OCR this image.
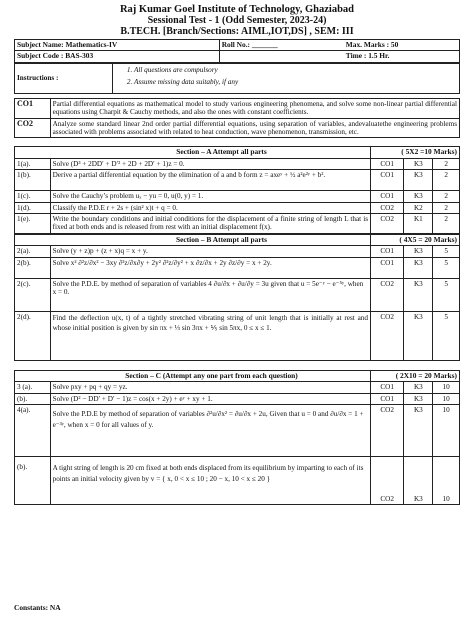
Raj Kumar Goel Institute of Technology, Ghaziabad
Sessional Test - 1 (Odd Semester, 2023-24)
B.TECH. [Branch/Sections: AIML,IOT,DS] , SEM: III
Subject Name: Mathematics-IV	Roll No.: _______	Max. Marks : 50
Subject Code : BAS-303		Time : 1.5 Hr.
Instructions :	
1. All questions are compulsory
2. Assume missing data suitably, if any
CO1	Partial differential equations as mathematical model to study various engineering phenomena, and solve some non-linear partial differential equations using Charpit & Cauchy methods, and also the ones with constant coefficients.
CO2	Analyze some standard linear 2nd order partial differential equations, using separation of variables, andevaluatethe engineering problems associated with problems associated with related to heat conduction, wave phenomenon, transmission, etc.
Section – A Attempt all parts		( 5X2 =10 Marks)		
1(a).	Solve (D³ + 2DD′ + D′² + 2D + 2D′ + 1)z = 0.	CO1	K3	2
1(b).	Derive a partial differential equation by the elimination of a and b form z = axeʸ + ½ a²e²ʸ + b².	CO1	K3	2
1(c).	Solve the Cauchy’s problem uₓ − yu = 0, u(0, y) = 1.	CO1	K3	2
1(d).	Classify the P.D.E r + 2s + (sin² x)t + q = 0.	CO2	K2	2
1(e).	Write the boundary conditions and initial conditions for the displacement of a finite string of length L that is fixed at both ends and is released from rest with an initial displacement f(x).	CO2	K1	2
Section – B Attempt all parts		( 4X5 = 20 Marks)		
2(a).	Solve (y + z)p + (z + x)q = x + y.	CO1	K3	5
2(b).	Solve x² ∂²z/∂x² − 3xy ∂²z/∂x∂y + 2y² ∂²z/∂y² + x ∂z/∂x + 2y ∂z/∂y = x + 2y.	CO1	K3	5
2(c).	Solve the P.D.E. by method of separation of variables 4 ∂u/∂x + ∂u/∂y = 3u given that u = 5e⁻ʸ − e⁻⁵ʸ, when x = 0.	CO2	K3	5
2(d).	Find the deflection u(x, t) of a tightly stretched vibrating string of unit length that is initially at rest and whose initial position is given by sin πx + ⅓ sin 3πx + ⅕ sin 5πx, 0 ≤ x ≤ 1.	CO2	K3	5
Section – C (Attempt any one part from each question)		( 2X10 = 20 Marks)		
3 (a).	Solve pxy + pq + qy = yz.	CO1	K3	10
(b).	Solve (D² − DD′ + D′ − 1)z = cos(x + 2y) + eʸ + xy + 1.	CO1	K3	10
4(a).	Solve the P.D.E by method of separation of variables ∂²u/∂x² = ∂u/∂x + 2u, Given that u = 0 and ∂u/∂x = 1 + e⁻³ʸ, when x = 0 for all values of y.	CO2	K3	10
(b).	A tight string of length is 20 cm fixed at both ends displaced from its equilibrium by imparting to each of its points an initial velocity given by v = { x, 0 < x ≤ 10 ; 20 − x, 10 < x ≤ 20 }	CO2	K3	10
Constants: NA
